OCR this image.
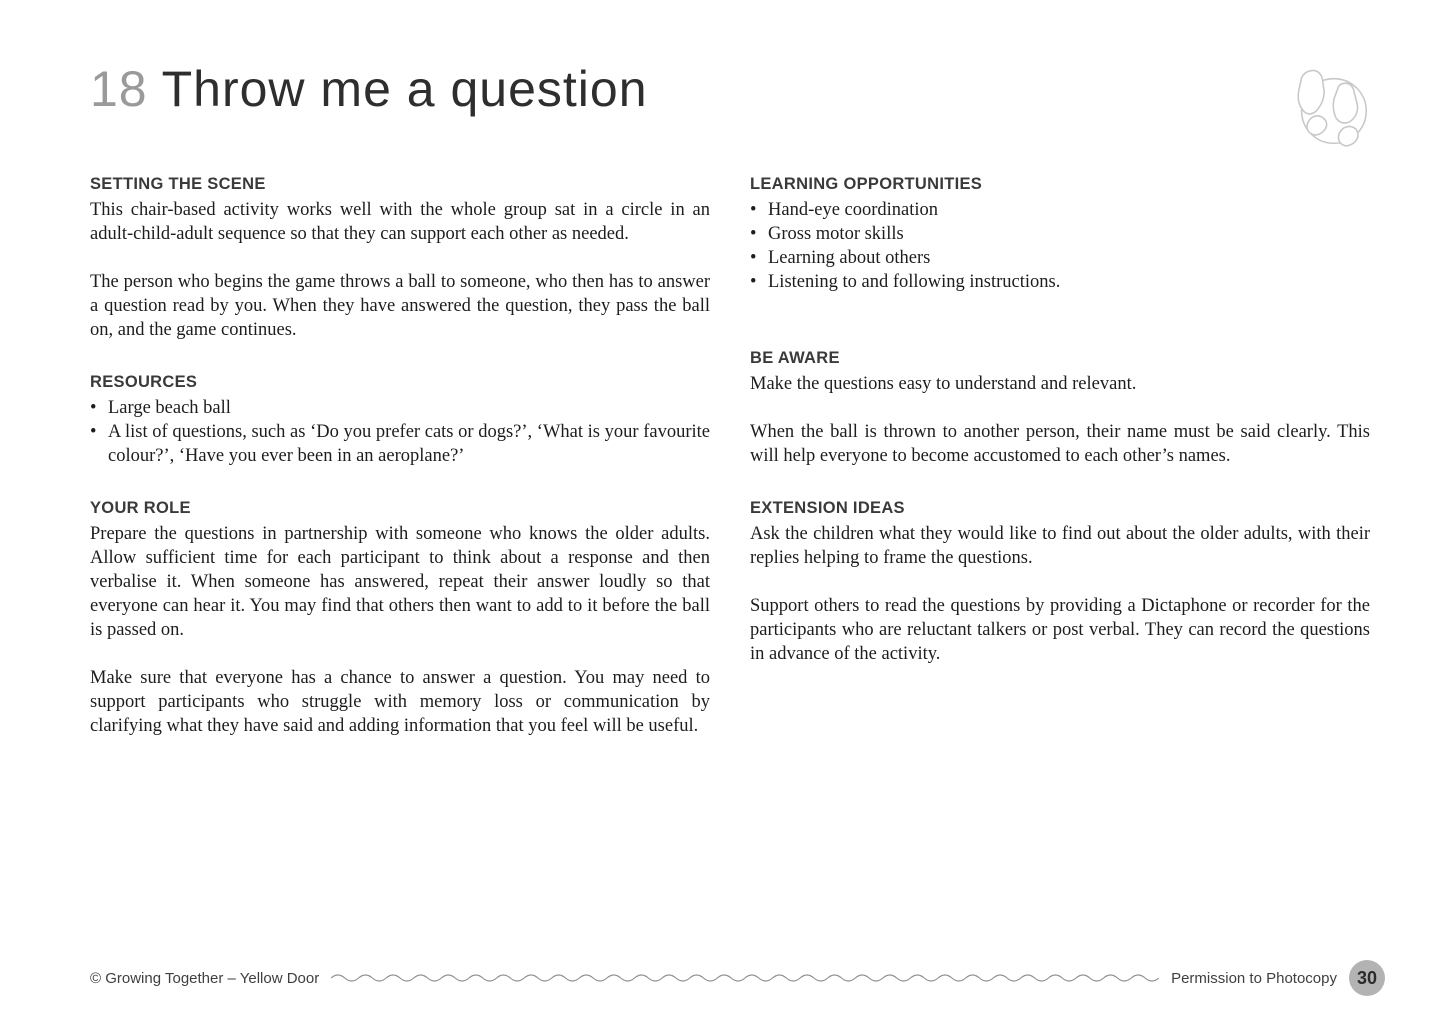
18 Throw me a question
SETTING THE SCENE

This chair-based activity works well with the whole group sat in a circle in an adult-child-adult sequence so that they can support each other as needed.

The person who begins the game throws a ball to someone, who then has to answer a question read by you. When they have answered the question, they pass the ball on, and the game continues.

RESOURCES
• Large beach ball
• A list of questions, such as ‘Do you prefer cats or dogs?’, ‘What is your favourite colour?’, ‘Have you ever been in an aeroplane?’
YOUR ROLE

Prepare the questions in partnership with someone who knows the older adults. Allow sufficient time for each participant to think about a response and then verbalise it. When someone has answered, repeat their answer loudly so that everyone can hear it. You may find that others then want to add to it before the ball is passed on.

Make sure that everyone has a chance to answer a question. You may need to support participants who struggle with memory loss or communication by clarifying what they have said and adding information that you feel will be useful.

LEARNING OPPORTUNITIES
• Hand-eye coordination
• Gross motor skills
• Learning about others
• Listening to and following instructions.
BE AWARE

Make the questions easy to understand and relevant.

When the ball is thrown to another person, their name must be said clearly. This will help everyone to become accustomed to each other’s names.

EXTENSION IDEAS

Ask the children what they would like to find out about the older adults, with their replies helping to frame the questions.

Support others to read the questions by providing a Dictaphone or recorder for the participants who are reluctant talkers or post verbal. They can record the questions in advance of the activity.

© Growing Together – Yellow Door	Permission to Photocopy	30
